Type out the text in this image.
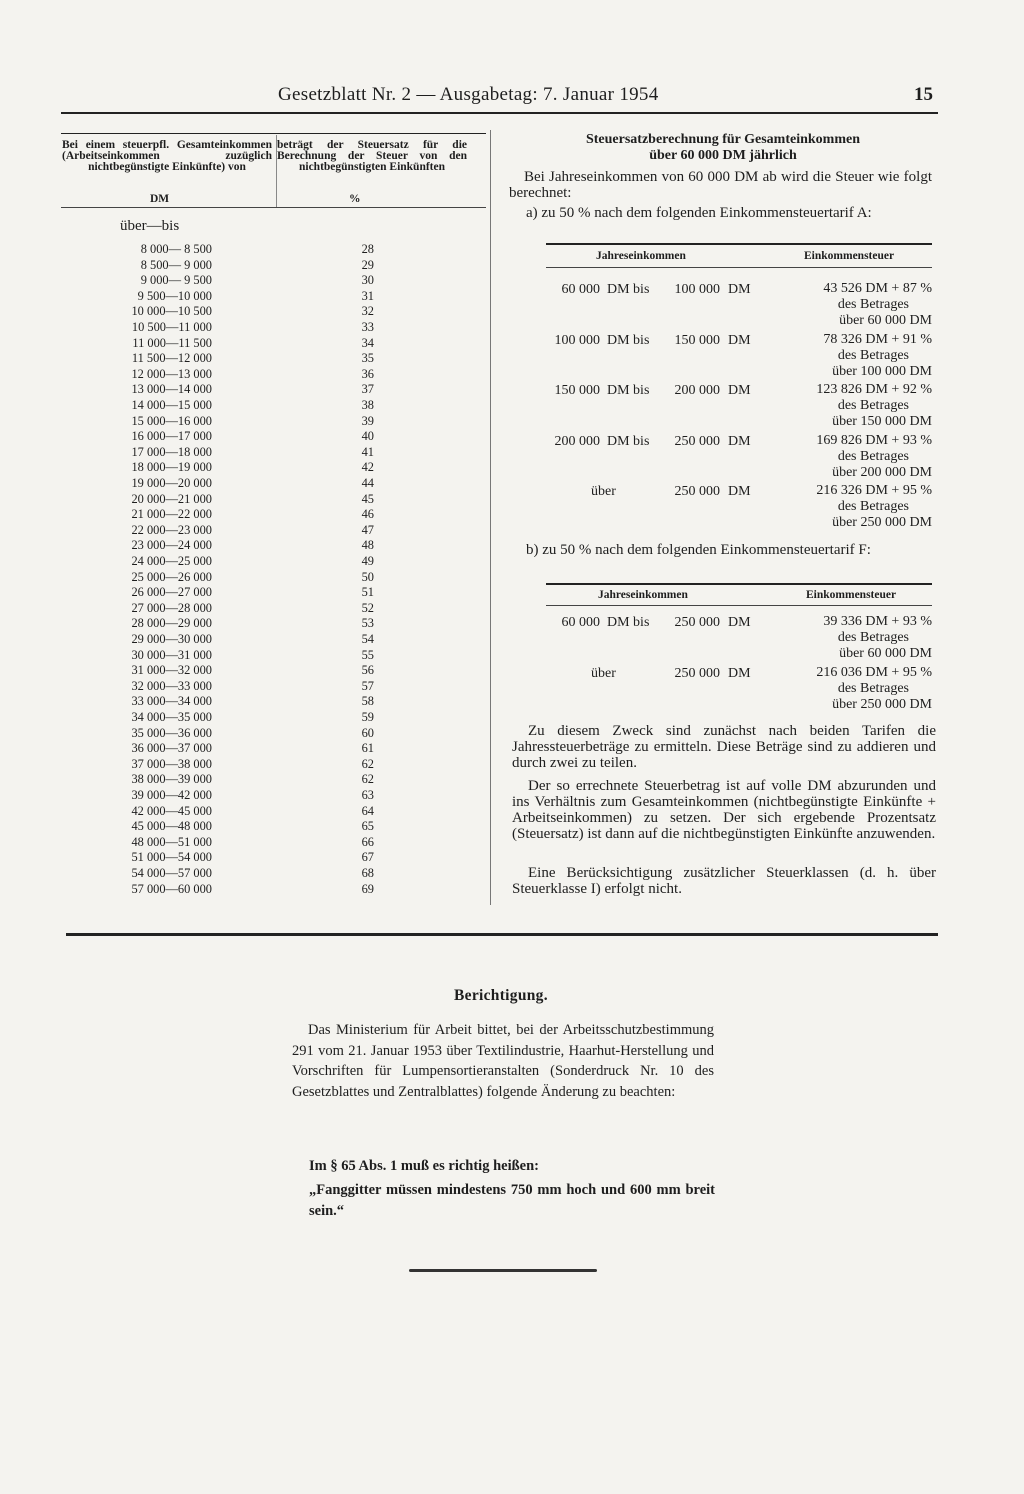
Gesetzblatt Nr. 2 — Ausgabetag: 7. Januar 1954	15
Bei einem steuerpfl. Gesamteinkommen (Arbeitseinkommen zuzüglich nichtbegünstigte Einkünfte) von
beträgt der Steuersatz für die Berechnung der Steuer von den nichtbegünstigten Einkünften
DM	%
über—bis
8 000— 8 500	28
8 500— 9 000	29
9 000— 9 500	30
9 500—10 000	31
10 000—10 500	32
10 500—11 000	33
11 000—11 500	34
11 500—12 000	35
12 000—13 000	36
13 000—14 000	37
14 000—15 000	38
15 000—16 000	39
16 000—17 000	40
17 000—18 000	41
18 000—19 000	42
19 000—20 000	44
20 000—21 000	45
21 000—22 000	46
22 000—23 000	47
23 000—24 000	48
24 000—25 000	49
25 000—26 000	50
26 000—27 000	51
27 000—28 000	52
28 000—29 000	53
29 000—30 000	54
30 000—31 000	55
31 000—32 000	56
32 000—33 000	57
33 000—34 000	58
34 000—35 000	59
35 000—36 000	60
36 000—37 000	61
37 000—38 000	62
38 000—39 000	62
39 000—42 000	63
42 000—45 000	64
45 000—48 000	65
48 000—51 000	66
51 000—54 000	67
54 000—57 000	68
57 000—60 000	69
Steuersatzberechnung für Gesamteinkommen
über 60 000 DM jährlich
Bei Jahreseinkommen von 60 000 DM ab wird die Steuer wie folgt berechnet:
a) zu 50 % nach dem folgenden Einkommensteuertarif A:
Jahreseinkommen	Einkommensteuer
60 000 DM bis	100 000 DM	43 526 DM + 87 %
des Betrages
über 60 000 DM
100 000 DM bis	150 000 DM	78 326 DM + 91 %
des Betrages
über 100 000 DM
150 000 DM bis	200 000 DM	123 826 DM + 92 %
des Betrages
über 150 000 DM
200 000 DM bis	250 000 DM	169 826 DM + 93 %
des Betrages
über 200 000 DM
über	250 000 DM	216 326 DM + 95 %
des Betrages
über 250 000 DM
b) zu 50 % nach dem folgenden Einkommensteuertarif F:
Jahreseinkommen	Einkommensteuer
60 000 DM bis	250 000 DM	39 336 DM + 93 %
des Betrages
über 60 000 DM
über	250 000 DM	216 036 DM + 95 %
des Betrages
über 250 000 DM
Zu diesem Zweck sind zunächst nach beiden Tarifen die Jahressteuerbeträge zu ermitteln. Diese Beträge sind zu addieren und durch zwei zu teilen.
Der so errechnete Steuerbetrag ist auf volle DM abzurunden und ins Verhältnis zum Gesamteinkommen (nichtbegünstigte Einkünfte + Arbeitseinkommen) zu setzen. Der sich ergebende Prozentsatz (Steuersatz) ist dann auf die nichtbegünstigten Einkünfte anzuwenden.
Eine Berücksichtigung zusätzlicher Steuerklassen (d. h. über Steuerklasse I) erfolgt nicht.
Berichtigung.
Das Ministerium für Arbeit bittet, bei der Arbeitsschutzbestimmung 291 vom 21. Januar 1953 über Textilindustrie, Haarhut-Herstellung und Vorschriften für Lumpensortieranstalten (Sonderdruck Nr. 10 des Gesetzblattes und Zentralblattes) folgende Änderung zu beachten:
Im § 65 Abs. 1 muß es richtig heißen:
„Fanggitter müssen mindestens 750 mm hoch und 600 mm breit sein.“
